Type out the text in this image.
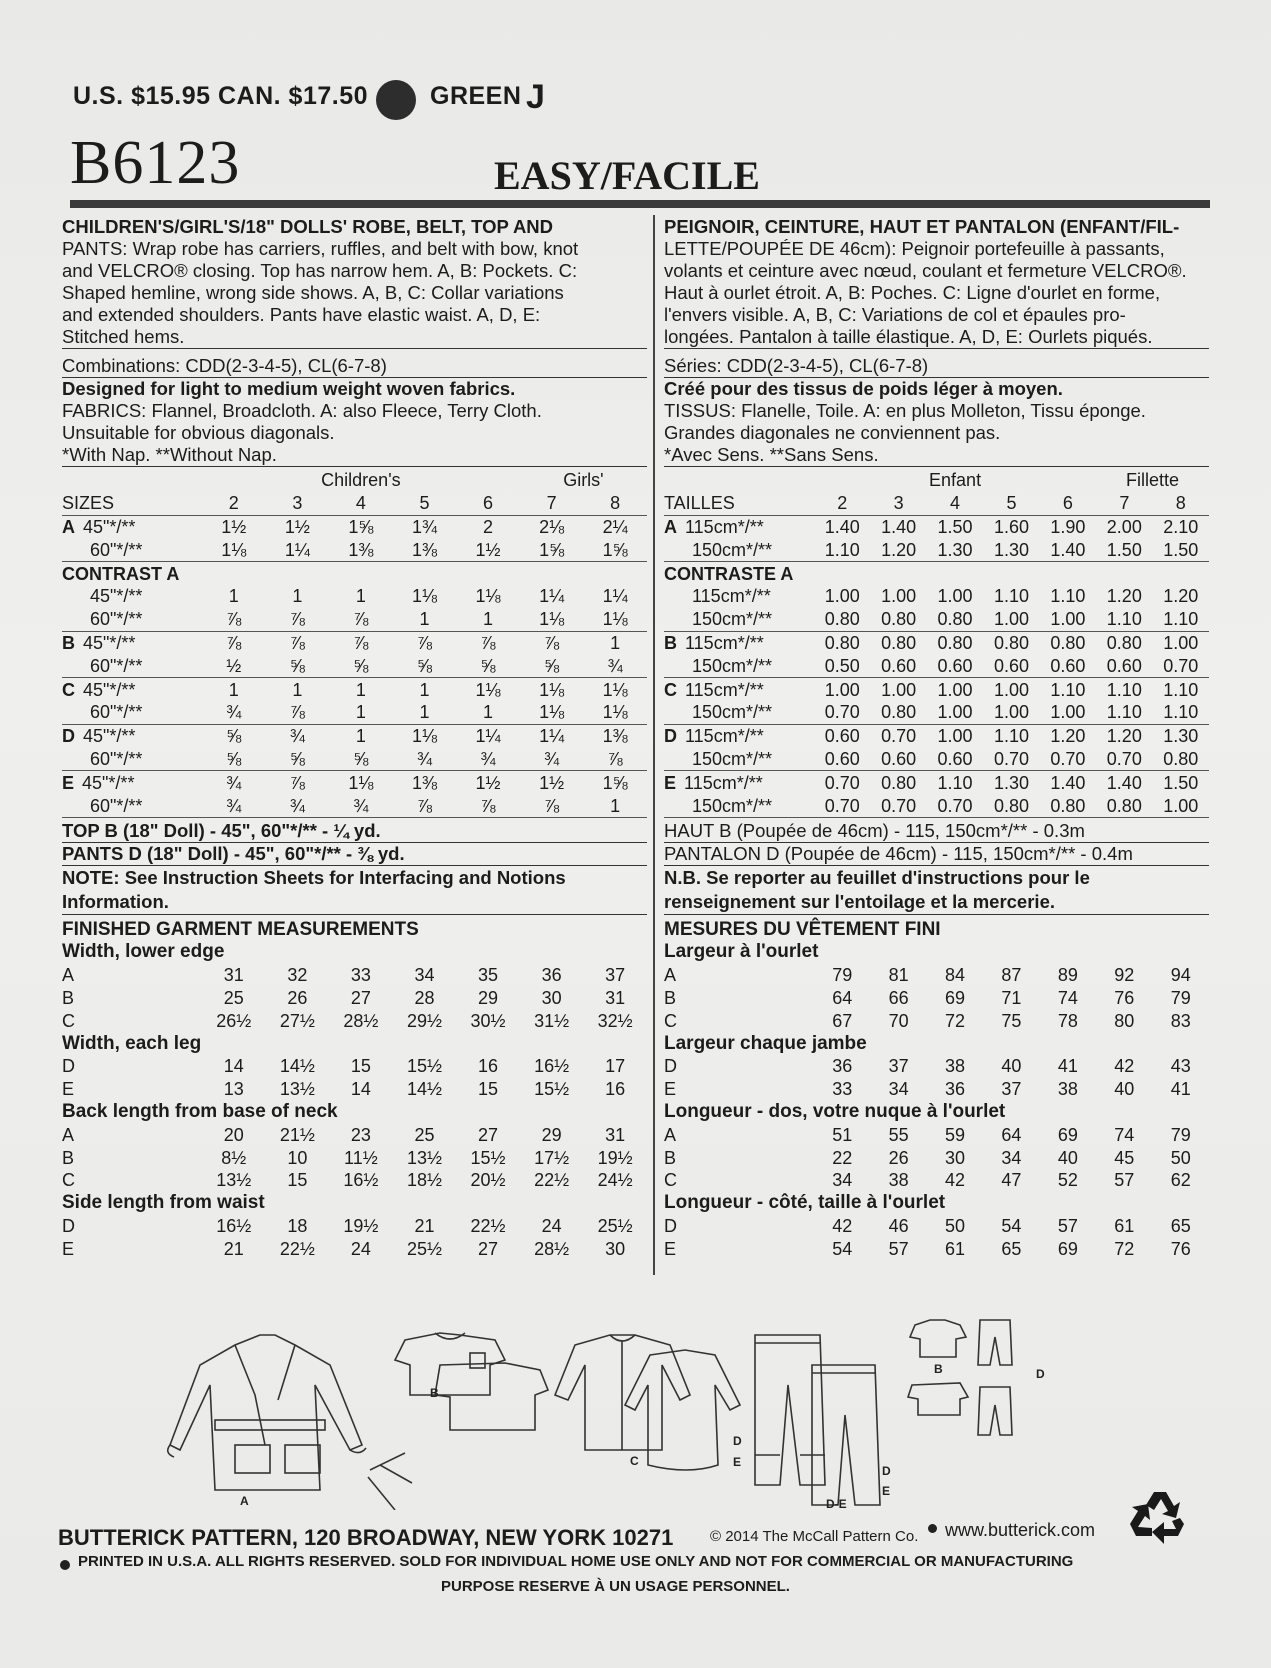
U.S. $15.95 CAN. $17.50 GREEN J
B6123	EASY/FACILE

CHILDREN'S/GIRL'S/18" DOLLS' ROBE, BELT, TOP AND

PANTS: Wrap robe has carriers, ruffles, and belt with bow, knot

and VELCRO® closing. Top has narrow hem. A, B: Pockets. C:

Shaped hemline, wrong side shows. A, B, C: Collar variations

and extended shoulders. Pants have elastic waist. A, D, E:

Stitched hems.

Combinations: CDD(2-3-4-5), CL(6-7-8)

Designed for light to medium weight woven fabrics.

FABRICS: Flannel, Broadcloth. A: also Fleece, Terry Cloth.

Unsuitable for obvious diagonals.

*With Nap. **Without Nap.

	Children's					Girls'	
SIZES	2	3	4	5	6	7	8
A 45"*/**	1½	1½	1⅝	1¾	2	2⅛	2¼
60"*/**	1⅛	1¼	1⅜	1⅜	1½	1⅝	1⅝
CONTRAST A							
45"*/**	1	1	1	1⅛	1⅛	1¼	1¼
60"*/**	⅞	⅞	⅞	1	1	1⅛	1⅛
B 45"*/**	⅞	⅞	⅞	⅞	⅞	⅞	1
60"*/**	½	⅝	⅝	⅝	⅝	⅝	¾
C 45"*/**	1	1	1	1	1⅛	1⅛	1⅛
60"*/**	¾	⅞	1	1	1	1⅛	1⅛
D 45"*/**	⅝	¾	1	1⅛	1¼	1¼	1⅜
60"*/**	⅝	⅝	⅝	¾	¾	¾	⅞
E 45"*/**	¾	⅞	1⅛	1⅜	1½	1½	1⅝
60"*/**	¾	¾	¾	⅞	⅞	⅞	1

TOP B (18" Doll) - 45", 60"*/** - ¼ yd.

PANTS D (18" Doll) - 45", 60"*/** - ⅜ yd.

NOTE: See Instruction Sheets for Interfacing and Notions Information.

FINISHED GARMENT MEASUREMENTS

Width, lower edge							
A	31	32	33	34	35	36	37
B	25	26	27	28	29	30	31
C	26½	27½	28½	29½	30½	31½	32½
Width, each leg							
D	14	14½	15	15½	16	16½	17
E	13	13½	14	14½	15	15½	16
Back length from base of neck							
A	20	21½	23	25	27	29	31
B	8½	10	11½	13½	15½	17½	19½
C	13½	15	16½	18½	20½	22½	24½
Side length from waist							
D	16½	18	19½	21	22½	24	25½
E	21	22½	24	25½	27	28½	30

PEIGNOIR, CEINTURE, HAUT ET PANTALON (ENFANT/FIL-

LETTE/POUPÉE DE 46cm): Peignoir portefeuille à passants,

volants et ceinture avec nœud, coulant et fermeture VELCRO®.

Haut à ourlet étroit. A, B: Poches. C: Ligne d'ourlet en forme,

l'envers visible. A, B, C: Variations de col et épaules pro-

longées. Pantalon à taille élastique. A, D, E: Ourlets piqués.

Séries: CDD(2-3-4-5), CL(6-7-8)

Créé pour des tissus de poids léger à moyen.

TISSUS: Flanelle, Toile. A: en plus Molleton, Tissu éponge.

Grandes diagonales ne conviennent pas.

*Avec Sens. **Sans Sens.

	Enfant					Fillette	
TAILLES	2	3	4	5	6	7	8
A 115cm*/**	1.40	1.40	1.50	1.60	1.90	2.00	2.10
150cm*/**	1.10	1.20	1.30	1.30	1.40	1.50	1.50
CONTRASTE A							
115cm*/**	1.00	1.00	1.00	1.10	1.10	1.20	1.20
150cm*/**	0.80	0.80	0.80	1.00	1.00	1.10	1.10
B 115cm*/**	0.80	0.80	0.80	0.80	0.80	0.80	1.00
150cm*/**	0.50	0.60	0.60	0.60	0.60	0.60	0.70
C 115cm*/**	1.00	1.00	1.00	1.00	1.10	1.10	1.10
150cm*/**	0.70	0.80	1.00	1.00	1.00	1.10	1.10
D 115cm*/**	0.60	0.70	1.00	1.10	1.20	1.20	1.30
150cm*/**	0.60	0.60	0.60	0.70	0.70	0.70	0.80
E 115cm*/**	0.70	0.80	1.10	1.30	1.40	1.40	1.50
150cm*/**	0.70	0.70	0.70	0.80	0.80	0.80	1.00

HAUT B (Poupée de 46cm) - 115, 150cm*/** - 0.3m

PANTALON D (Poupée de 46cm) - 115, 150cm*/** - 0.4m

N.B. Se reporter au feuillet d'instructions pour le renseignement sur l'entoilage et la mercerie.

MESURES DU VÊTEMENT FINI

Largeur à l'ourlet							
A	79	81	84	87	89	92	94
B	64	66	69	71	74	76	79
C	67	70	72	75	78	80	83
Largeur chaque jambe							
D	36	37	38	40	41	42	43
E	33	34	36	37	38	40	41
Longueur - dos, votre nuque à l'ourlet							
A	51	55	59	64	69	74	79
B	22	26	30	34	40	45	50
C	34	38	42	47	52	57	62
Longueur - côté, taille à l'ourlet							
D	42	46	50	54	57	61	65
E	54	57	61	65	69	72	76
A
B
C
D
E
D
E
D-E
B	D
BUTTERICK PATTERN, 120 BROADWAY, NEW YORK 10271 © 2014 The McCall Pattern Co. www.butterick.com
PRINTED IN U.S.A. ALL RIGHTS RESERVED. SOLD FOR INDIVIDUAL HOME USE ONLY AND NOT FOR COMMERCIAL OR MANUFACTURING
PURPOSE RESERVE À UN USAGE PERSONNEL.
